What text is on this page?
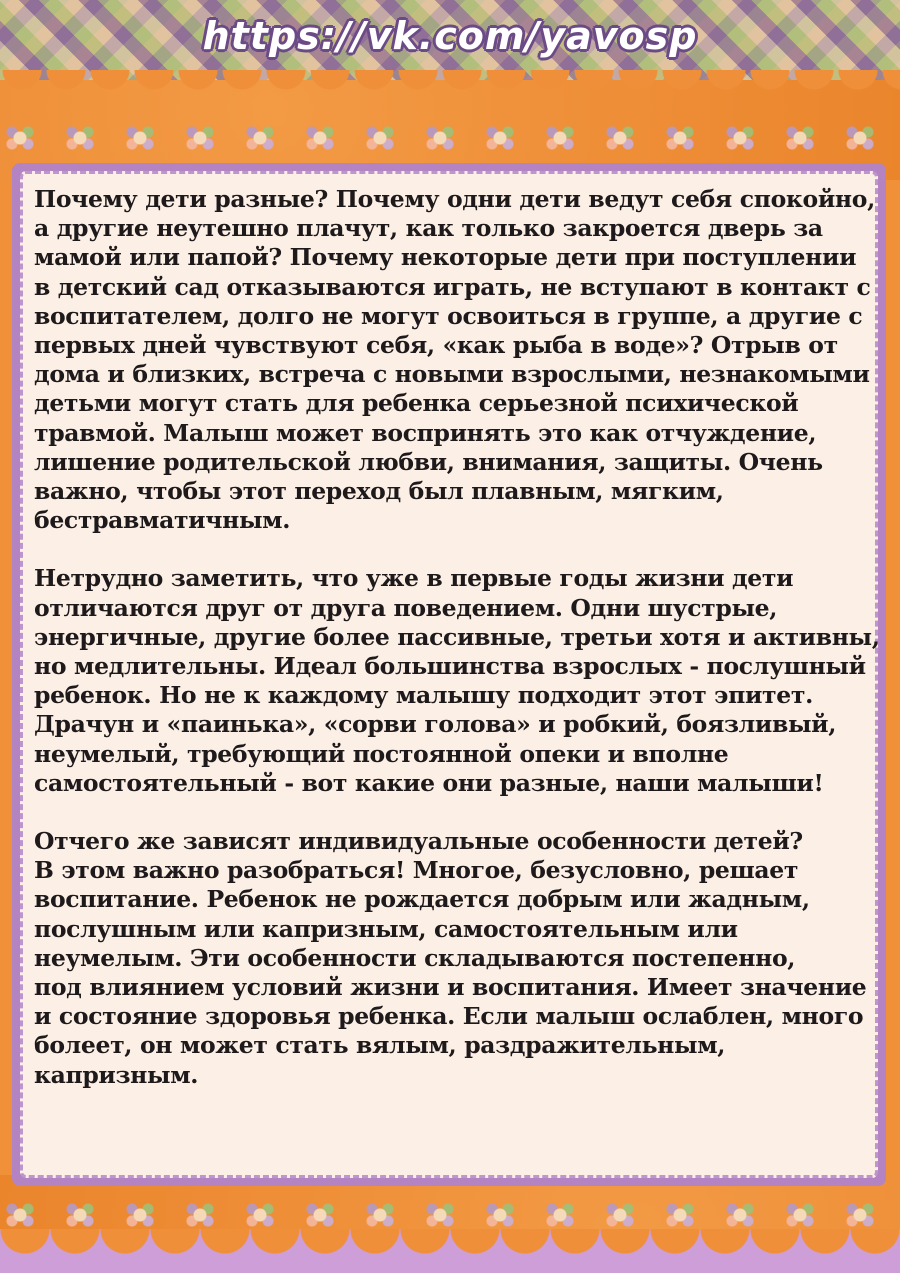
https://vk.com/yavosp
Почему дети разные? Почему одни дети ведут себя спокойно,
а другие неутешно плачут, как только закроется дверь за
мамой или папой? Почему некоторые дети при поступлении
в детский сад отказываются играть, не вступают в контакт с
воспитателем, долго не могут освоиться в группе, а другие с
первых дней чувствуют себя, «как рыба в воде»? Отрыв от
дома и близких, встреча с новыми взрослыми, незнакомыми
детьми могут стать для ребенка серьезной психической
травмой. Малыш может воспринять это как отчуждение,
лишение родительской любви, внимания, защиты. Очень
важно, чтобы этот переход был плавным, мягким,
бестравматичным.
Нетрудно заметить, что уже в первые годы жизни дети
отличаются друг от друга поведением. Одни шустрые,
энергичные, другие более пассивные, третьи хотя и активны,
но медлительны. Идеал большинства взрослых - послушный
ребенок. Но не к каждому малышу подходит этот эпитет.
Драчун и «паинька», «сорви голова» и робкий, боязливый,
неумелый, требующий постоянной опеки и вполне
самостоятельный - вот какие они разные, наши малыши!
Отчего же зависят индивидуальные особенности детей?
В этом важно разобраться! Многое, безусловно, решает
воспитание. Ребенок не рождается добрым или жадным,
послушным или капризным, самостоятельным или
неумелым. Эти особенности складываются постепенно,
под влиянием условий жизни и воспитания. Имеет значение
и состояние здоровья ребенка. Если малыш ослаблен, много
болеет, он может стать вялым, раздражительным,
капризным.
